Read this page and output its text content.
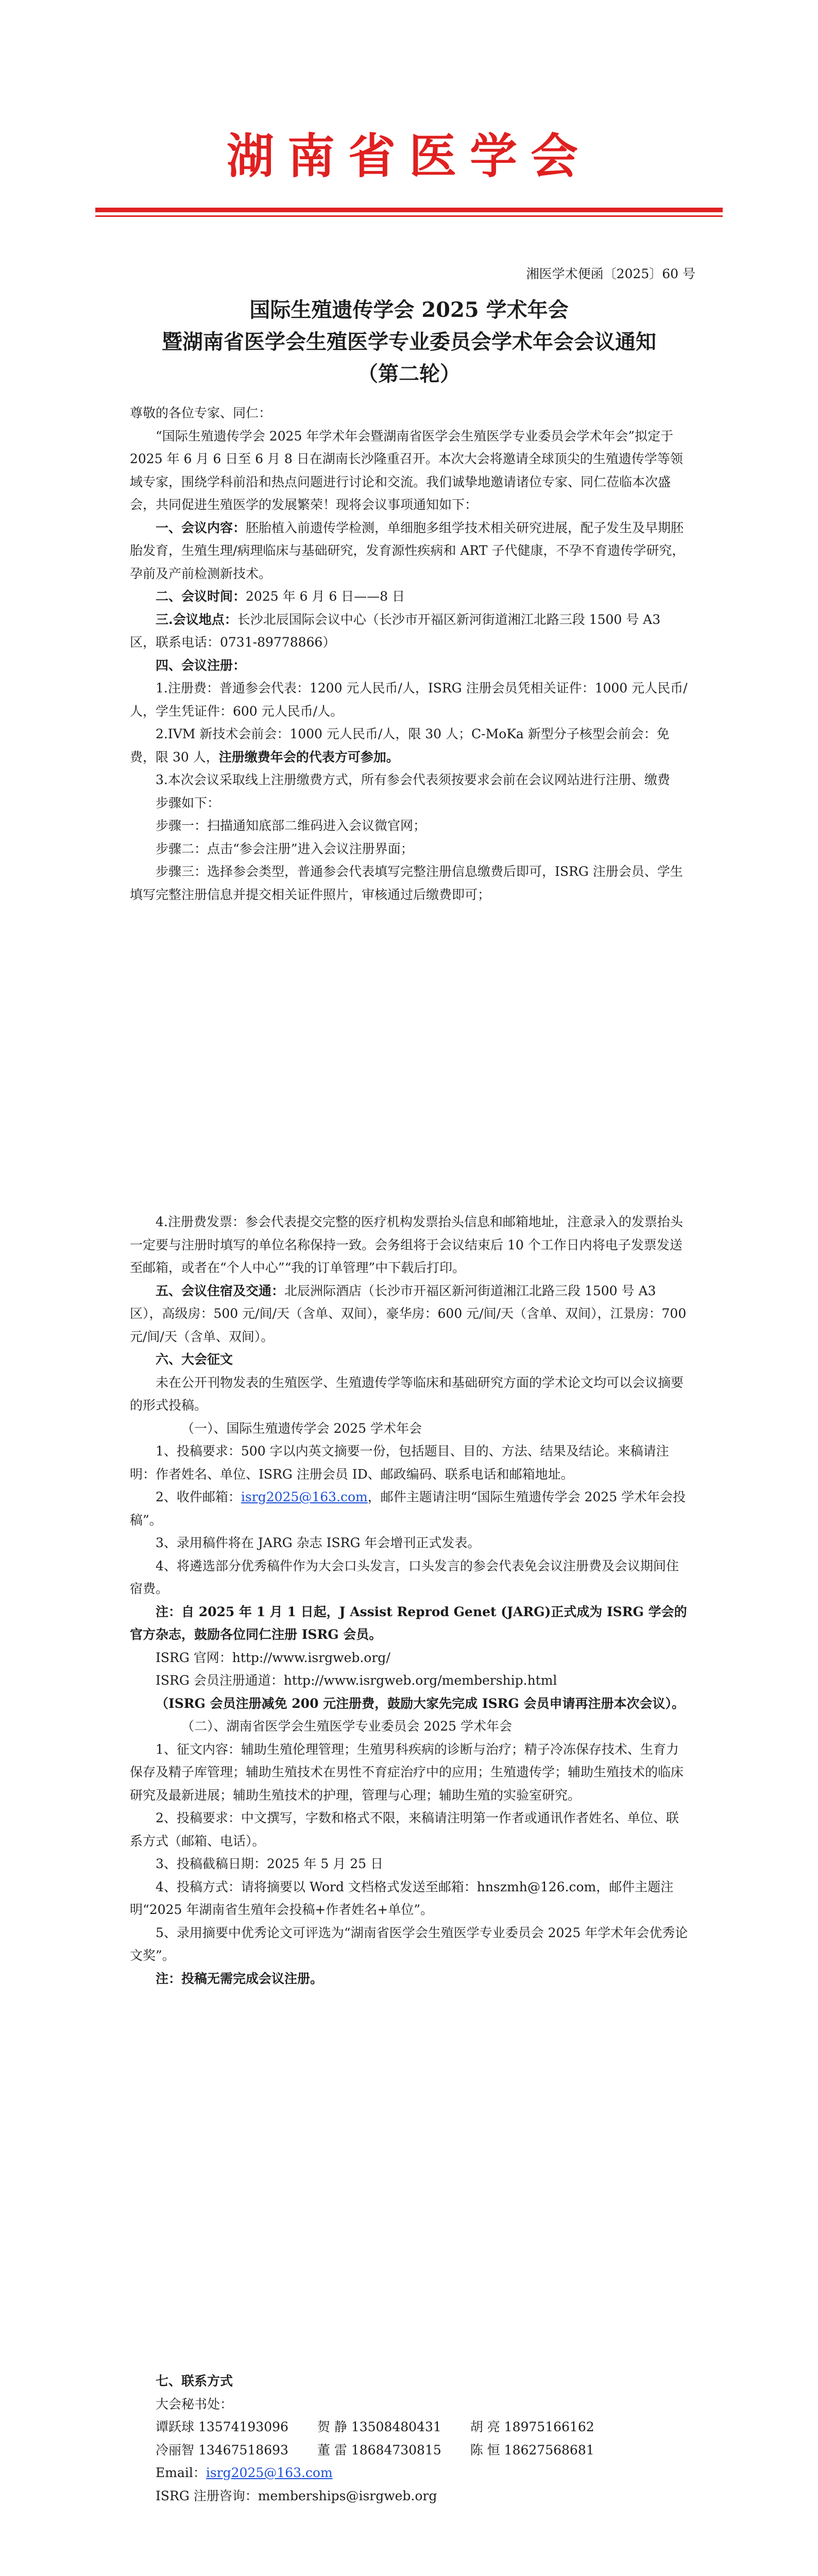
湖南省医学会
湘医学术便函〔2025〕60 号
国际生殖遗传学会 2025 学术年会
暨湖南省医学会生殖医学专业委员会学术年会会议通知
（第二轮）

尊敬的各位专家、同仁：

“国际生殖遗传学会 2025 年学术年会暨湖南省医学会生殖医学专业委员会学术年会”拟定于 2025 年 6 月 6 日至 6 月 8 日在湖南长沙隆重召开。本次大会将邀请全球顶尖的生殖遗传学等领域专家，围绕学科前沿和热点问题进行讨论和交流。我们诚挚地邀请诸位专家、同仁莅临本次盛会，共同促进生殖医学的发展繁荣！现将会议事项通知如下：

一、会议内容：胚胎植入前遗传学检测，单细胞多组学技术相关研究进展，配子发生及早期胚胎发育，生殖生理/病理临床与基础研究，发育源性疾病和 ART 子代健康，不孕不育遗传学研究，孕前及产前检测新技术。

二、会议时间：2025 年 6 月 6 日——8 日

三.会议地点：长沙北辰国际会议中心（长沙市开福区新河街道湘江北路三段 1500 号 A3 区，联系电话：0731-89778866）

四、会议注册：

1.注册费：普通参会代表：1200 元人民币/人，ISRG 注册会员凭相关证件：1000 元人民币/人，学生凭证件：600 元人民币/人。

2.IVM 新技术会前会：1000 元人民币/人，限 30 人；C-MoKa 新型分子核型会前会：免费，限 30 人，注册缴费年会的代表方可参加。

3.本次会议采取线上注册缴费方式，所有参会代表须按要求会前在会议网站进行注册、缴费

步骤如下：

步骤一：扫描通知底部二维码进入会议微官网；

步骤二：点击“参会注册”进入会议注册界面；

步骤三：选择参会类型，普通参会代表填写完整注册信息缴费后即可，ISRG 注册会员、学生填写完整注册信息并提交相关证件照片，审核通过后缴费即可；

4.注册费发票：参会代表提交完整的医疗机构发票抬头信息和邮箱地址，注意录入的发票抬头一定要与注册时填写的单位名称保持一致。会务组将于会议结束后 10 个工作日内将电子发票发送至邮箱，或者在“个人中心”“我的订单管理”中下载后打印。

五、会议住宿及交通：北辰洲际酒店（长沙市开福区新河街道湘江北路三段 1500 号 A3 区），高级房：500 元/间/天（含单、双间），豪华房：600 元/间/天（含单、双间），江景房：700 元/间/天（含单、双间）。

六、大会征文

未在公开刊物发表的生殖医学、生殖遗传学等临床和基础研究方面的学术论文均可以会议摘要的形式投稿。

（一）、国际生殖遗传学会 2025 学术年会

1、投稿要求：500 字以内英文摘要一份，包括题目、目的、方法、结果及结论。来稿请注明：作者姓名、单位、ISRG 注册会员 ID、邮政编码、联系电话和邮箱地址。

2、收件邮箱：isrg2025@163.com，邮件主题请注明“国际生殖遗传学会 2025 学术年会投稿”。

3、录用稿件将在 JARG 杂志 ISRG 年会增刊正式发表。

4、将遴选部分优秀稿件作为大会口头发言，口头发言的参会代表免会议注册费及会议期间住宿费。

注：自 2025 年 1 月 1 日起，J Assist Reprod Genet (JARG)正式成为 ISRG 学会的官方杂志，鼓励各位同仁注册 ISRG 会员。

ISRG 官网：http://www.isrgweb.org/

ISRG 会员注册通道：http://www.isrgweb.org/membership.html

（ISRG 会员注册减免 200 元注册费，鼓励大家先完成 ISRG 会员申请再注册本次会议）。

（二）、湖南省医学会生殖医学专业委员会 2025 学术年会

1、征文内容：辅助生殖伦理管理；生殖男科疾病的诊断与治疗；精子冷冻保存技术、生育力保存及精子库管理；辅助生殖技术在男性不育症治疗中的应用；生殖遗传学；辅助生殖技术的临床研究及最新进展；辅助生殖技术的护理，管理与心理；辅助生殖的实验室研究。

2、投稿要求：中文撰写，字数和格式不限，来稿请注明第一作者或通讯作者姓名、单位、联系方式（邮箱、电话）。

3、投稿截稿日期：2025 年 5 月 25 日

4、投稿方式：请将摘要以 Word 文档格式发送至邮箱：hnszmh@126.com，邮件主题注明“2025 年湖南省生殖年会投稿+作者姓名+单位”。

5、录用摘要中优秀论文可评选为“湖南省医学会生殖医学专业委员会 2025 年学术年会优秀论文奖”。

注：投稿无需完成会议注册。

七、联系方式

大会秘书处：

谭跃球 13574193096 贺 静 13508480431 胡 亮 18975166162

冷丽智 13467518693 董 雷 18684730815 陈 恒 18627568681

Email：isrg2025@163.com

ISRG 注册咨询：memberships@isrgweb.org
